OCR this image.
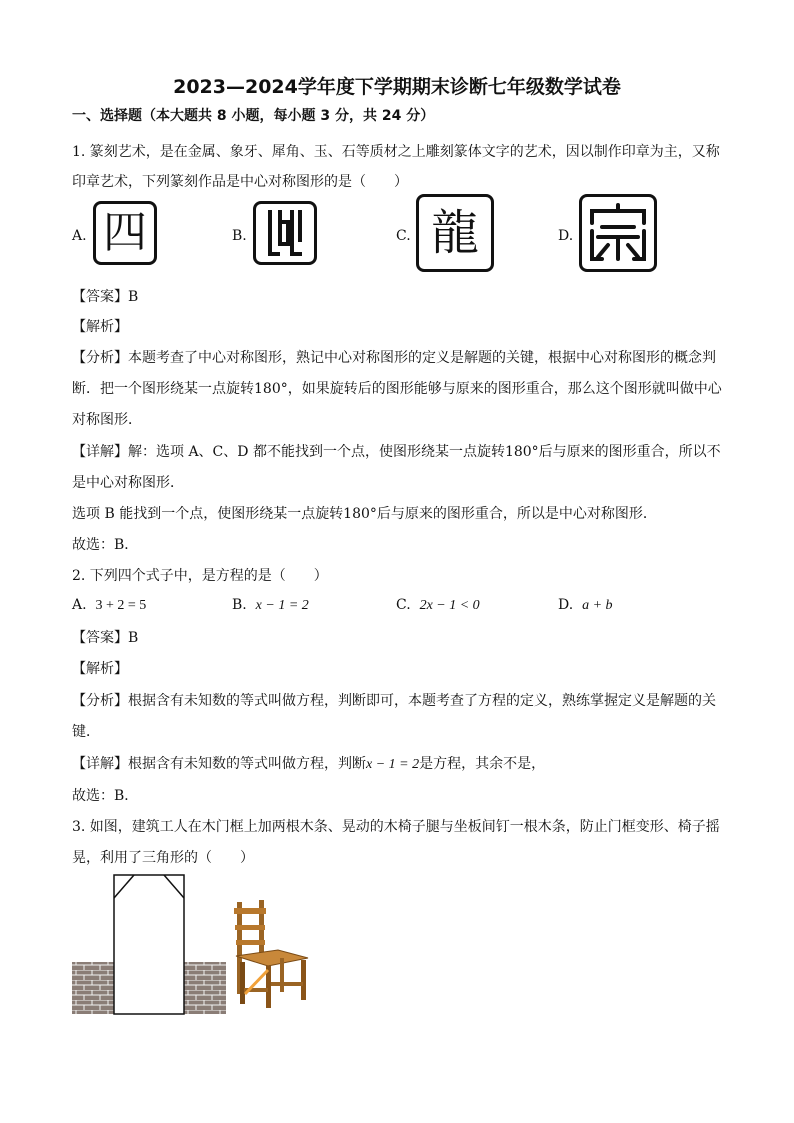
2023—2024学年度下学期期末诊断七年级数学试卷
一、选择题（本大题共 8 小题，每小题 3 分，共 24 分）
1. 篆刻艺术，是在金属、象牙、犀角、玉、石等质材之上雕刻篆体文字的艺术，因以制作印章为主，又称
印章艺术，下列篆刻作品是中心对称图形的是（　　）
A. 四	B.	C. 龍	D.
【答案】B
【解析】
【分析】本题考查了中心对称图形，熟记中心对称图形的定义是解题的关键，根据中心对称图形的概念判
断．把一个图形绕某一点旋转180°，如果旋转后的图形能够与原来的图形重合，那么这个图形就叫做中心
对称图形．
【详解】解：选项 A、C、D 都不能找到一个点，使图形绕某一点旋转180°后与原来的图形重合，所以不
是中心对称图形．
选项 B 能找到一个点，使图形绕某一点旋转180°后与原来的图形重合，所以是中心对称图形．
故选：B．
2. 下列四个式子中，是方程的是（　　）
A. 3 + 2 = 5	B. x − 1 = 2	C. 2x − 1 < 0	D. a + b
【答案】B
【解析】
【分析】根据含有未知数的等式叫做方程，判断即可，本题考查了方程的定义，熟练掌握定义是解题的关
键．
【详解】根据含有未知数的等式叫做方程，判断x − 1 = 2是方程，其余不是，
故选：B．
3. 如图，建筑工人在木门框上加两根木条、晃动的木椅子腿与坐板间钉一根木条，防止门框变形、椅子摇
晃，利用了三角形的（　　）
